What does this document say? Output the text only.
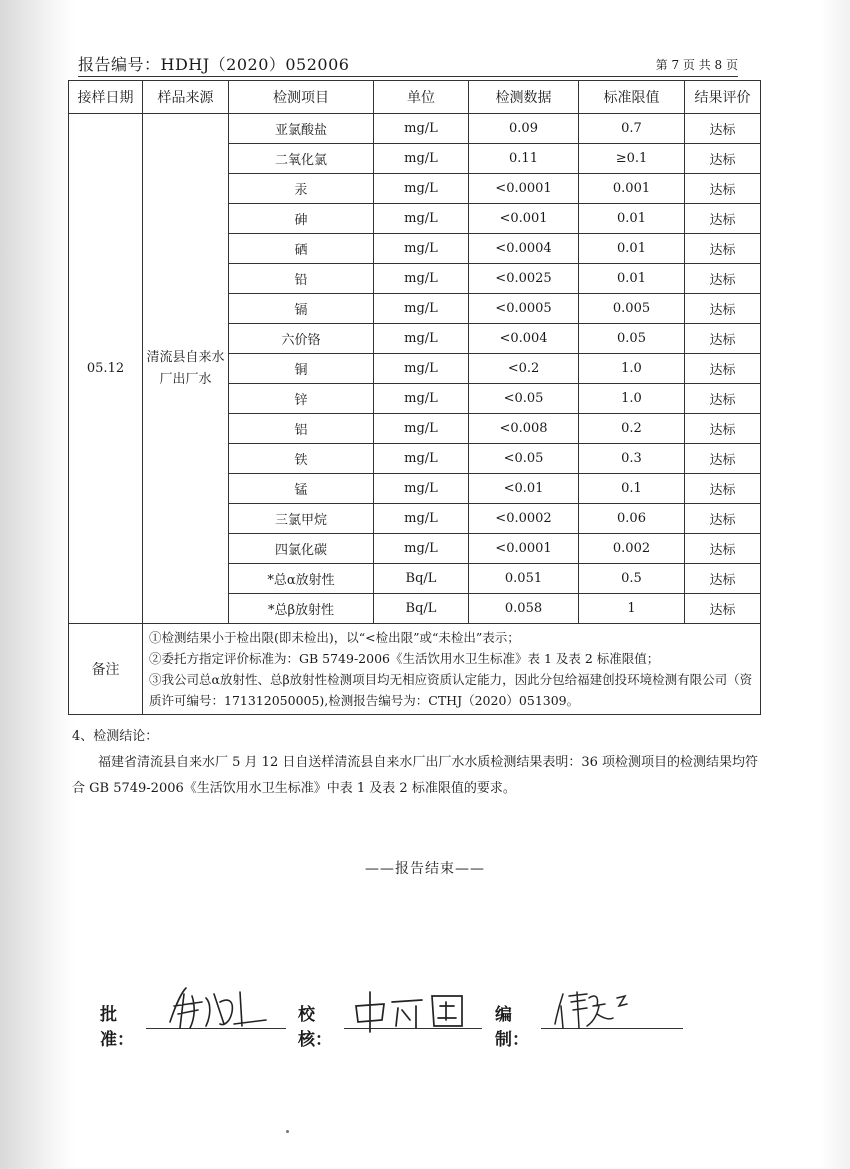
报告编号：HDHJ（2020）052006	第 7 页 共 8 页
接样日期	样品来源	检测项目	单位	检测数据	标准限值	结果评价
05.12	清流县自来水厂出厂水	亚氯酸盐	mg/L	0.09	0.7	达标
		二氧化氯	mg/L	0.11	≥0.1	达标
		汞	mg/L	<0.0001	0.001	达标
		砷	mg/L	<0.001	0.01	达标
		硒	mg/L	<0.0004	0.01	达标
		铅	mg/L	<0.0025	0.01	达标
		镉	mg/L	<0.0005	0.005	达标
		六价铬	mg/L	<0.004	0.05	达标
		铜	mg/L	<0.2	1.0	达标
		锌	mg/L	<0.05	1.0	达标
		铝	mg/L	<0.008	0.2	达标
		铁	mg/L	<0.05	0.3	达标
		锰	mg/L	<0.01	0.1	达标
		三氯甲烷	mg/L	<0.0002	0.06	达标
		四氯化碳	mg/L	<0.0001	0.002	达标
		*总α放射性	Bq/L	0.051	0.5	达标
		*总β放射性	Bq/L	0.058	1	达标
备注	①检测结果小于检出限(即未检出)，以“<检出限”或“未检出”表示；
②委托方指定评价标准为：GB 5749-2006《生活饮用水卫生标准》表 1 及表 2 标准限值；
③我公司总α放射性、总β放射性检测项目均无相应资质认定能力，因此分包给福建创投环境检测有限公司（资质许可编号：171312050005),检测报告编号为：CTHJ（2020）051309。					
4、检测结论：
福建省清流县自来水厂 5 月 12 日自送样清流县自来水厂出厂水水质检测结果表明：36 项检测项目的检测结果均符合 GB 5749-2006《生活饮用水卫生标准》中表 1 及表 2 标准限值的要求。
——报告结束——
批准：
校核：
编制：
